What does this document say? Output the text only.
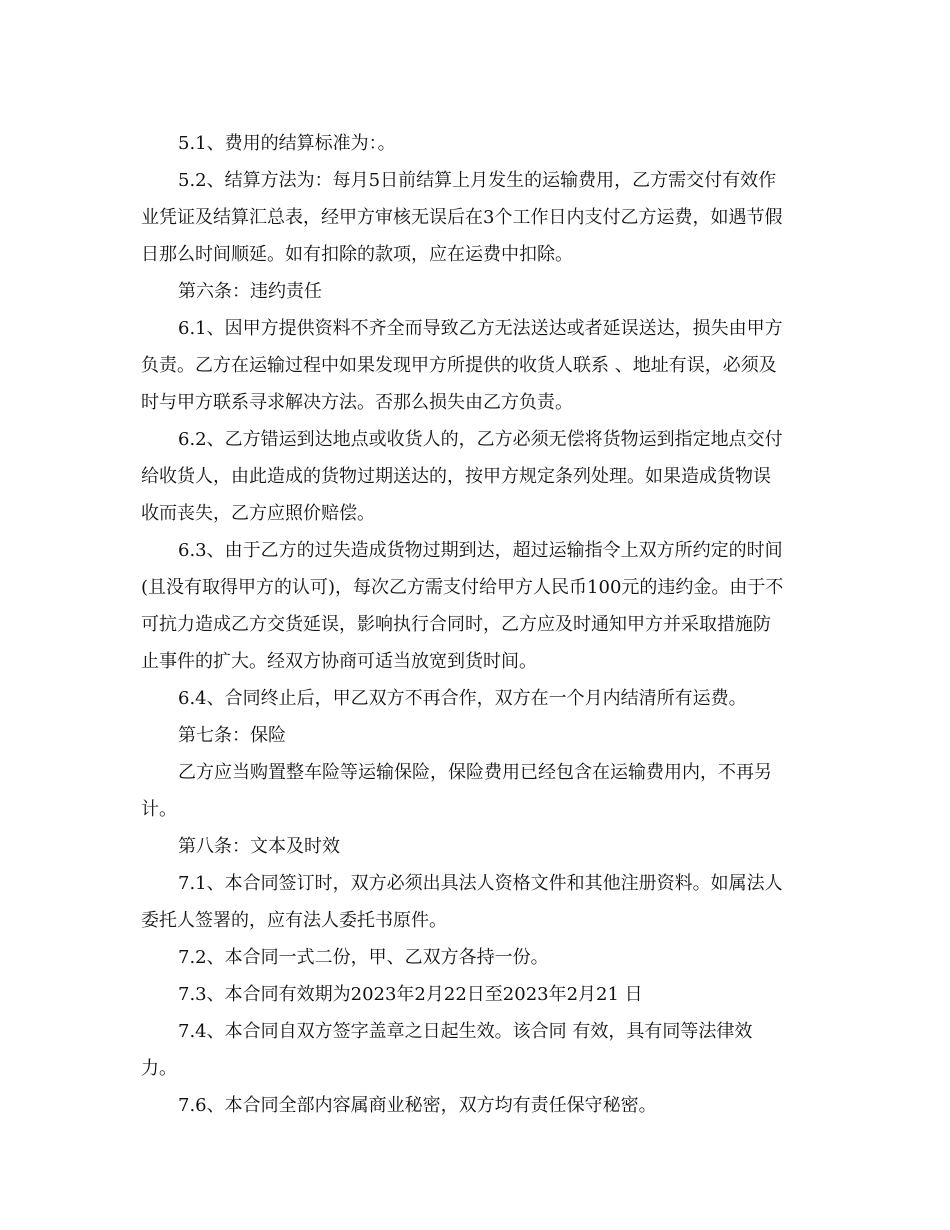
5.1、费用的结算标准为：。
5.2、结算方法为：每月5日前结算上月发生的运输费用，乙方需交付有效作
业凭证及结算汇总表，经甲方审核无误后在3个工作日内支付乙方运费，如遇节假
日那么时间顺延。如有扣除的款项，应在运费中扣除。
第六条：违约责任
6.1、因甲方提供资料不齐全而导致乙方无法送达或者延误送达，损失由甲方
负责。乙方在运输过程中如果发现甲方所提供的收货人联系 、地址有误，必须及
时与甲方联系寻求解决方法。否那么损失由乙方负责。
6.2、乙方错运到达地点或收货人的，乙方必须无偿将货物运到指定地点交付
给收货人，由此造成的货物过期送达的，按甲方规定条列处理。如果造成货物误
收而丧失，乙方应照价赔偿。
6.3、由于乙方的过失造成货物过期到达，超过运输指令上双方所约定的时间
(且没有取得甲方的认可)，每次乙方需支付给甲方人民币100元的违约金。由于不
可抗力造成乙方交货延误，影响执行合同时，乙方应及时通知甲方并采取措施防
止事件的扩大。经双方协商可适当放宽到货时间。
6.4、合同终止后，甲乙双方不再合作，双方在一个月内结清所有运费。
第七条：保险
乙方应当购置整车险等运输保险，保险费用已经包含在运输费用内，不再另
计。
第八条：文本及时效
7.1、本合同签订时，双方必须出具法人资格文件和其他注册资料。如属法人
委托人签署的，应有法人委托书原件。
7.2、本合同一式二份，甲、乙双方各持一份。
7.3、本合同有效期为2023年2月22日至2023年2月21 日
7.4、本合同自双方签字盖章之日起生效。该合同 有效，具有同等法律效
力。
7.6、本合同全部内容属商业秘密，双方均有责任保守秘密。
